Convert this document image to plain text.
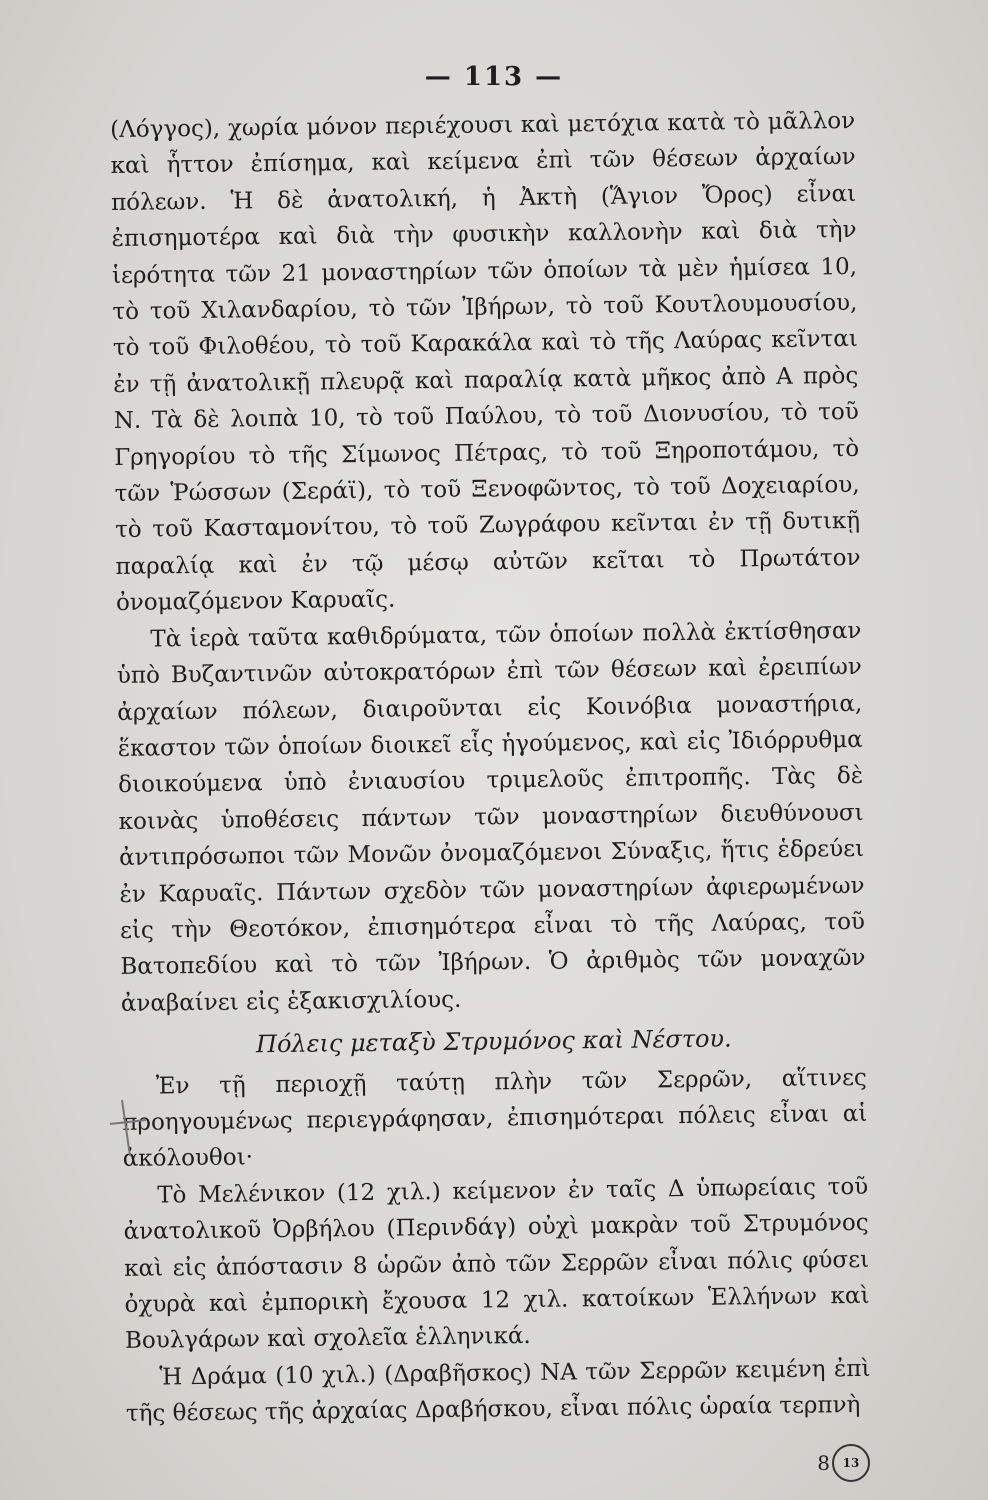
— 113 —

(Λόγγος), χωρία μόνον περιέχουσι καὶ μετόχια κατὰ τὸ μᾶλλον καὶ ἧττον ἐπίσημα, καὶ κείμενα ἐπὶ τῶν θέσεων ἀρχαίων πόλεων. Ἡ δὲ ἀνατολική, ἡ Ἀκτὴ (Ἅγιον Ὄρος) εἶναι ἐπισημοτέρα καὶ διὰ τὴν φυσικὴν καλλονὴν καὶ διὰ τὴν ἱερότητα τῶν 21 μοναστηρίων τῶν ὁποίων τὰ μὲν ἡμίσεα 10, τὸ τοῦ Χιλανδαρίου, τὸ τῶν Ἰβήρων, τὸ τοῦ Κουτλουμουσίου, τὸ τοῦ Φιλοθέου, τὸ τοῦ Καρακάλα καὶ τὸ τῆς Λαύρας κεῖνται ἐν τῇ ἀνατολικῇ πλευρᾷ καὶ παραλίᾳ κατὰ μῆκος ἀπὸ Α πρὸς Ν. Τὰ δὲ λοιπὰ 10, τὸ τοῦ Παύλου, τὸ τοῦ Διονυσίου, τὸ τοῦ Γρηγορίου τὸ τῆς Σίμωνος Πέτρας, τὸ τοῦ Ξηροποτάμου, τὸ τῶν Ῥώσσων (Σεράϊ), τὸ τοῦ Ξενοφῶντος, τὸ τοῦ Δοχειαρίου, τὸ τοῦ Κασταμονίτου, τὸ τοῦ Ζωγράφου κεῖνται ἐν τῇ δυτικῇ παραλίᾳ καὶ ἐν τῷ μέσῳ αὐτῶν κεῖται τὸ Πρωτάτον ὀνομαζόμενον Καρυαῖς.

Τὰ ἱερὰ ταῦτα καθιδρύματα, τῶν ὁποίων πολλὰ ἐκτίσθησαν ὑπὸ Βυζαντινῶν αὐτοκρατόρων ἐπὶ τῶν θέσεων καὶ ἐρειπίων ἀρχαίων πόλεων, διαιροῦνται εἰς Κοινόβια μοναστήρια, ἕκαστον τῶν ὁποίων διοικεῖ εἷς ἡγούμενος, καὶ εἰς Ἰδιόρρυθμα διοικούμενα ὑπὸ ἐνιαυσίου τριμελοῦς ἐπιτροπῆς. Τὰς δὲ κοινὰς ὑποθέσεις πάντων τῶν μοναστηρίων διευθύνουσι ἀντιπρόσωποι τῶν Μονῶν ὀνομαζόμενοι Σύναξις, ἥτις ἑδρεύει ἐν Καρυαῖς. Πάντων σχεδὸν τῶν μοναστηρίων ἀφιερωμένων εἰς τὴν Θεοτόκον, ἐπισημότερα εἶναι τὸ τῆς Λαύρας, τοῦ Βατοπεδίου καὶ τὸ τῶν Ἰβήρων. Ὁ ἀριθμὸς τῶν μοναχῶν ἀναβαίνει εἰς ἑξακισχιλίους.

Πόλεις μεταξὺ Στρυμόνος καὶ Νέστου.

Ἐν τῇ περιοχῇ ταύτῃ πλὴν τῶν Σερρῶν, αἵτινες προηγουμένως περιεγράφησαν, ἐπισημότεραι πόλεις εἶναι αἱ ἀκόλουθοι·

Τὸ Μελένικον (12 χιλ.) κείμενον ἐν ταῖς Δ ὑπωρείαις τοῦ ἀνατολικοῦ Ὀρβήλου (Περινδάγ) οὐχὶ μακρὰν τοῦ Στρυμόνος καὶ εἰς ἀπόστασιν 8 ὡρῶν ἀπὸ τῶν Σερρῶν εἶναι πόλις φύσει ὀχυρὰ καὶ ἐμπορικὴ ἔχουσα 12 χιλ. κατοίκων Ἑλλήνων καὶ Βουλγάρων καὶ σχολεῖα ἑλληνικά.

Ἡ Δράμα (10 χιλ.) (Δραβῆσκος) ΝΑ τῶν Σερρῶν κειμένη ἐπὶ τῆς θέσεως τῆς ἀρχαίας Δραβήσκου, εἶναι πόλις ὡραία τερπνὴ

8	13
